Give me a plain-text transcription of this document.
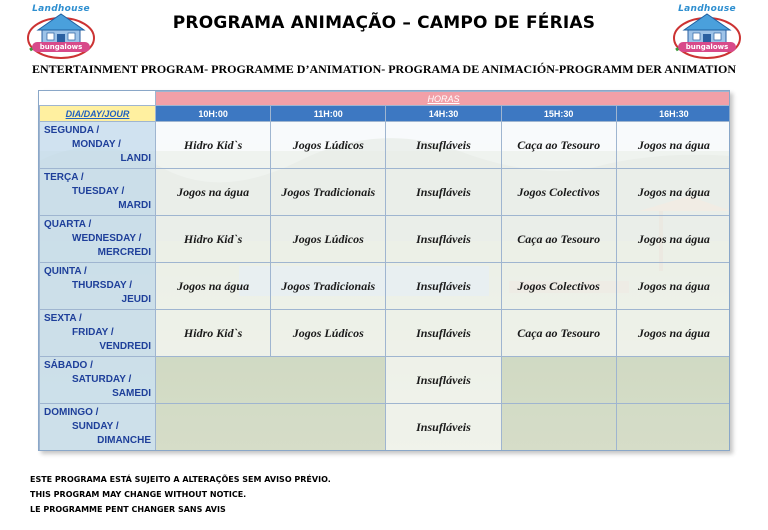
Landhouse
bungalows
PROGRAMA ANIMAÇÃO – CAMPO DE FÉRIAS
Landhouse
bungalows
ENTERTAINMENT PROGRAM- PROGRAMME D’ANIMATION- PROGRAMA DE ANIMACIÓN-PROGRAMM DER ANIMATION
	HORAS				
DIA/DAY/JOUR	10H:00	11H:00	14H:30	15H:30	16H:30

SEGUNDA /
MONDAY /
LANDI	Hidro Kid`s	Jogos Lúdicos	Insufláveis	Caça ao Tesouro	Jogos na água

TERÇA /
TUESDAY /
MARDI	Jogos na água	Jogos Tradicionais	Insufláveis	Jogos Colectivos	Jogos na água

QUARTA /
WEDNESDAY /
MERCREDI	Hidro Kid`s	Jogos Lúdicos	Insufláveis	Caça ao Tesouro	Jogos na água

QUINTA /
THURSDAY /
JEUDI	Jogos na água	Jogos Tradicionais	Insufláveis	Jogos Colectivos	Jogos na água

SEXTA /
FRIDAY /
VENDREDI	Hidro Kid`s	Jogos Lúdicos	Insufláveis	Caça ao Tesouro	Jogos na água

SÁBADO /
SATURDAY /
SAMEDI			Insufláveis		

DOMINGO /
SUNDAY /
DIMANCHE			Insufláveis		
ESTE PROGRAMA ESTÁ SUJEITO A ALTERAÇÕES SEM AVISO PRÉVIO.
THIS PROGRAM MAY CHANGE WITHOUT NOTICE.
LE PROGRAMME PENT CHANGER SANS AVIS
